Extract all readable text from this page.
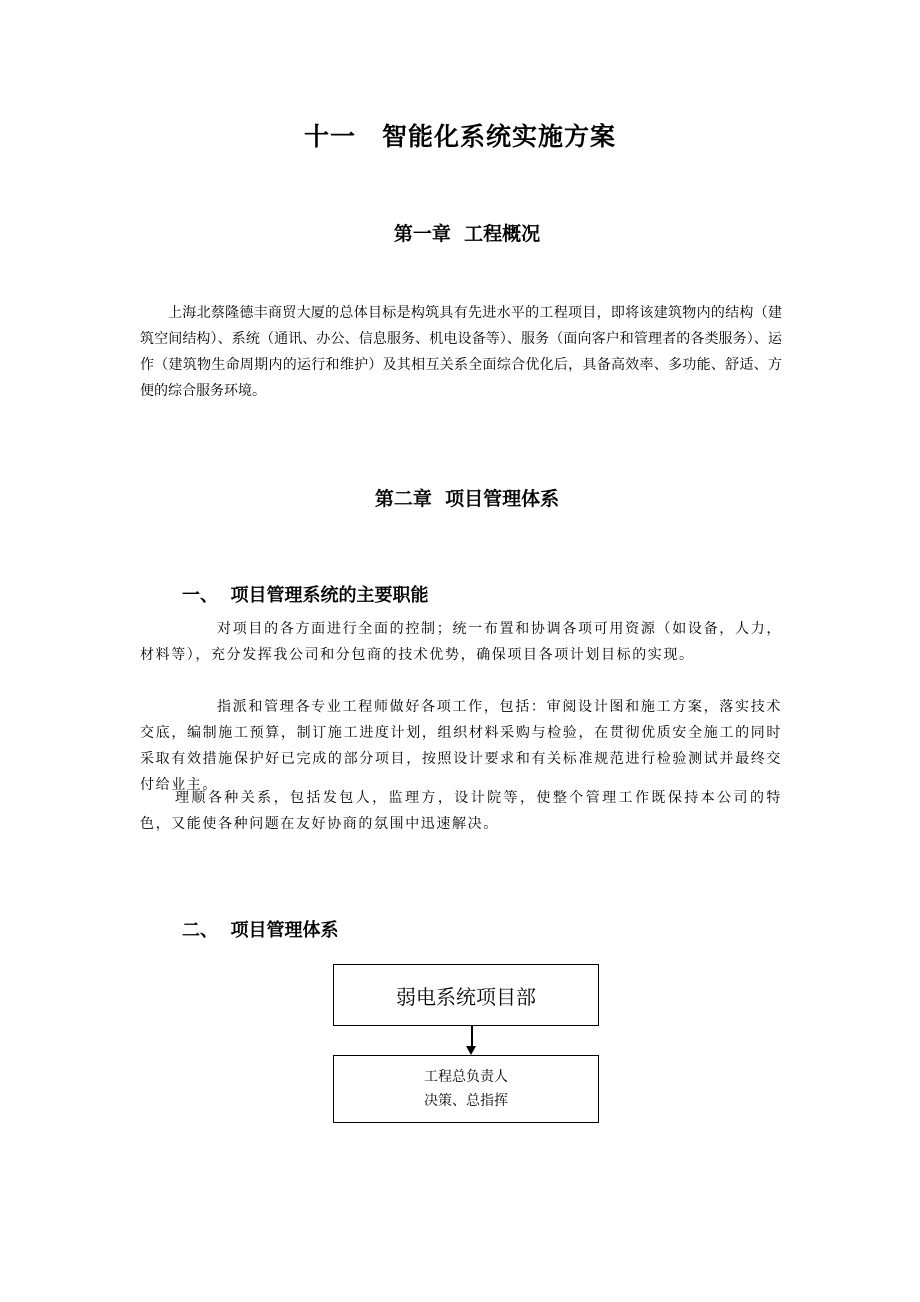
十一　智能化系统实施方案
第一章  工程概况

上海北蔡隆德丰商贸大厦的总体目标是构筑具有先进水平的工程项目，即将该建筑物内的结构（建筑空间结构）、系统（通讯、办公、信息服务、机电设备等）、服务（面向客户和管理者的各类服务）、运作（建筑物生命周期内的运行和维护）及其相互关系全面综合优化后，具备高效率、多功能、舒适、方便的综合服务环境。

第二章  项目管理体系
一、  项目管理系统的主要职能

对项目的各方面进行全面的控制；统一布置和协调各项可用资源（如设备，人力，材料等），充分发挥我公司和分包商的技术优势，确保项目各项计划目标的实现。

指派和管理各专业工程师做好各项工作，包括：审阅设计图和施工方案，落实技术交底，编制施工预算，制订施工进度计划，组织材料采购与检验，在贯彻优质安全施工的同时采取有效措施保护好已完成的部分项目，按照设计要求和有关标准规范进行检验测试并最终交付给业主。

理顺各种关系，包括发包人，监理方，设计院等，使整个管理工作既保持本公司的特色，又能使各种问题在友好协商的氛围中迅速解决。

二、  项目管理体系
弱电系统项目部
工程总负责人
决策、总指挥
